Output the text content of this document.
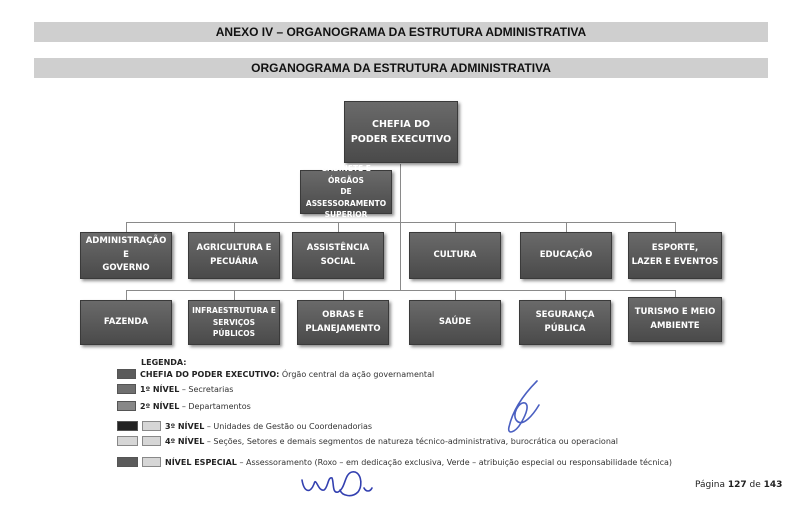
ANEXO IV – ORGANOGRAMA DA ESTRUTURA ADMINISTRATIVA
ORGANOGRAMA DA ESTRUTURA ADMINISTRATIVA
CHEFIA DO
PODER EXECUTIVO
GABINETE E ÓRGÃOS
DE ASSESSORAMENTO
SUPERIOR
ADMINISTRAÇÃO E
GOVERNO
AGRICULTURA E
PECUÁRIA
ASSISTÊNCIA
SOCIAL
CULTURA	EDUCAÇÃO
ESPORTE,
LAZER E EVENTOS
FAZENDA
INFRAESTRUTURA E
SERVIÇOS PÚBLICOS
OBRAS E
PLANEJAMENTO
SAÚDE
SEGURANÇA
PÚBLICA
TURISMO E MEIO
AMBIENTE
LEGENDA:
CHEFIA DO PODER EXECUTIVO: Órgão central da ação governamental
1º NÍVEL – Secretarias
2º NÍVEL – Departamentos
3º NÍVEL – Unidades de Gestão ou Coordenadorias
4º NÍVEL – Seções, Setores e demais segmentos de natureza técnico-administrativa, burocrática ou operacional
NÍVEL ESPECIAL – Assessoramento (Roxo – em dedicação exclusiva, Verde – atribuição especial ou responsabilidade técnica)
Página 127 de 143
